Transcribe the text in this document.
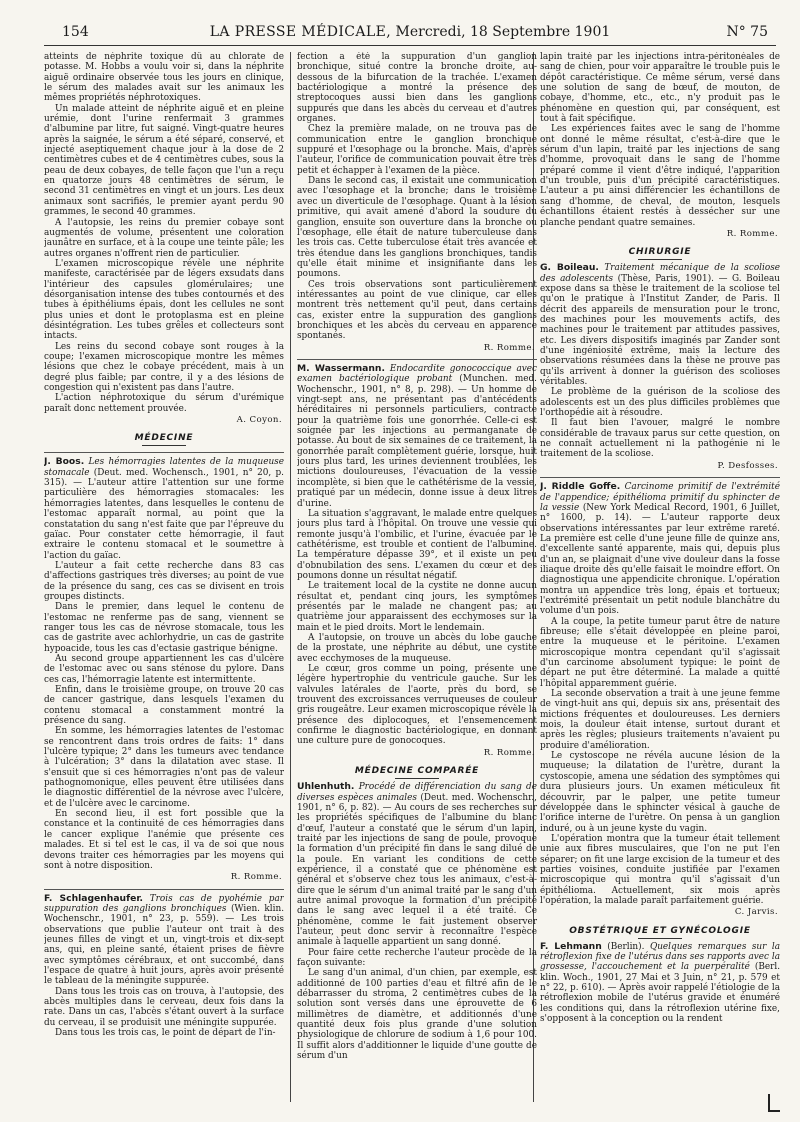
154	LA PRESSE MÉDICALE, Mercredi, 18 Septembre 1901	N° 75

atteints de néphrite toxique dû au chlorate de potasse. M. Hobbs a voulu voir si, dans la néphrite aiguë ordinaire observée tous les jours en clinique, le sérum des malades avait sur les animaux les mêmes propriétés néphrotoxiques.

Un malade atteint de néphrite aiguë et en pleine urémie, dont l'urine renfermait 3 grammes d'albumine par litre, fut saigné. Vingt-quatre heures après la saignée, le sérum a été séparé, conservé, et injecté aseptiquement chaque jour à la dose de 2 centimètres cubes et de 4 centimètres cubes, sous la peau de deux cobayes, de telle façon que l'un a reçu en quatorze jours 48 centimètres de sérum, le second 31 centimètres en vingt et un jours. Les deux animaux sont sacrifiés, le premier ayant perdu 90 grammes, le second 40 grammes.

A l'autopsie, les reins du premier cobaye sont augmentés de volume, présentent une coloration jaunâtre en surface, et à la coupe une teinte pâle; les autres organes n'offrent rien de particulier.

L'examen microscopique révèle une néphrite manifeste, caractérisée par de légers exsudats dans l'intérieur des capsules glomérulaires; une désorganisation intense des tubes contournés et des tubes à épithéliums épais, dont les cellules ne sont plus unies et dont le protoplasma est en pleine désintégration. Les tubes grêles et collecteurs sont intacts.

Les reins du second cobaye sont rouges à la coupe; l'examen microscopique montre les mêmes lésions que chez le cobaye précédent, mais à un degré plus faible; par contre, il y a des lésions de congestion qui n'existent pas dans l'autre.

L'action néphrotoxique du sérum d'urémique paraît donc nettement prouvée.

A. Coyon.
MÉDECINE

J. Boos. Les hémorragies latentes de la muqueuse stomacale (Deut. med. Wochensch., 1901, n° 20, p. 315). — L'auteur attire l'attention sur une forme particulière des hémorragies stomacales: les hémorragies latentes, dans lesquelles le contenu de l'estomac apparaît normal, au point que la constatation du sang n'est faite que par l'épreuve du gaïac. Pour constater cette hémorragie, il faut extraire le contenu stomacal et le soumettre à l'action du gaïac.

L'auteur a fait cette recherche dans 83 cas d'affections gastriques très diverses; au point de vue de la présence du sang, ces cas se divisent en trois groupes distincts.

Dans le premier, dans lequel le contenu de l'estomac ne renferme pas de sang, viennent se ranger tous les cas de névrose stomacale, tous les cas de gastrite avec achlorhydrie, un cas de gastrite hypoacide, tous les cas d'ectasie gastrique bénigne.

Au second groupe appartiennent les cas d'ulcère de l'estomac avec ou sans sténose du pylore. Dans ces cas, l'hémorragie latente est intermittente.

Enfin, dans le troisième groupe, on trouve 20 cas de cancer gastrique, dans lesquels l'examen du contenu stomacal a constamment montré la présence du sang.

En somme, les hémorragies latentes de l'estomac se rencontrent dans trois ordres de faits: 1° dans l'ulcère typique; 2° dans les tumeurs avec tendance à l'ulcération; 3° dans la dilatation avec stase. Il s'ensuit que si ces hémorragies n'ont pas de valeur pathognomonique, elles peuvent être utilisées dans le diagnostic différentiel de la névrose avec l'ulcère, et de l'ulcère avec le carcinome.

En second lieu, il est fort possible que la constance et la continuité de ces hémorragies dans le cancer explique l'anémie que présente ces malades. Et si tel est le cas, il va de soi que nous devons traiter ces hémorragies par les moyens qui sont à notre disposition.

R. Romme.

F. Schlagenhaufer. Trois cas de pyohémie par suppuration des ganglions bronchiques (Wien. klin. Wochenschr., 1901, n° 23, p. 559). — Les trois observations que publie l'auteur ont trait à des jeunes filles de vingt et un, vingt-trois et dix-sept ans, qui, en pleine santé, étaient prises de fièvre avec symptômes cérébraux, et ont succombé, dans l'espace de quatre à huit jours, après avoir présenté le tableau de la méningite suppurée.

Dans tous les trois cas on trouva, à l'autopsie, des abcès multiples dans le cerveau, deux fois dans la rate. Dans un cas, l'abcès s'étant ouvert à la surface du cerveau, il se produisit une méningite suppurée.

Dans tous les trois cas, le point de départ de l'in-

fection a été la suppuration d'un ganglion bronchique, situé contre la bronche droite, au-dessous de la bifurcation de la trachée. L'examen bactériologique a montré la présence des streptocoques aussi bien dans les ganglions suppurés que dans les abcès du cerveau et d'autres organes.

Chez la première malade, on ne trouva pas de communication entre le ganglion bronchique suppuré et l'œsophage ou la bronche. Mais, d'après l'auteur, l'orifice de communication pouvait être très petit et échapper à l'examen de la pièce.

Dans le second cas, il existait une communication avec l'œsophage et la bronche; dans le troisième avec un diverticule de l'œsophage. Quant à la lésion primitive, qui avait amené d'abord la soudure du ganglion, ensuite son ouverture dans la bronche ou l'œsophage, elle était de nature tuberculeuse dans les trois cas. Cette tuberculose était très avancée et très étendue dans les ganglions bronchiques, tandis qu'elle était minime et insignifiante dans les poumons.

Ces trois observations sont particulièrement intéressantes au point de vue clinique, car elles montrent très nettement qu'il peut, dans certains cas, exister entre la suppuration des ganglions bronchiques et les abcès du cerveau en apparence spontanés.

R. Romme.

M. Wassermann. Endocardite gonococcique avec examen bactériologique probant (Munchen. med. Wochenschr., 1901, n° 8, p. 298). — Un homme de vingt-sept ans, ne présentant pas d'antécédents héréditaires ni personnels particuliers, contracte pour la quatrième fois une gonorrhée. Celle-ci est soignée par les injections au permanganate de potasse. Au bout de six semaines de ce traitement, la gonorrhée paraît complètement guérie, lorsque, huit jours plus tard, les urines deviennent troublées, les mictions douloureuses, l'évacuation de la vessie incomplète, si bien que le cathétérisme de la vessie, pratiqué par un médecin, donne issue à deux litres d'urine.

La situation s'aggravant, le malade entre quelques jours plus tard à l'hôpital. On trouve une vessie qui remonte jusqu'à l'ombilic, et l'urine, évacuée par le cathétérisme, est trouble et contient de l'albumine. La température dépasse 39°, et il existe un peu d'obnubilation des sens. L'examen du cœur et des poumons donne un résultat négatif.

Le traitement local de la cystite ne donne aucun résultat et, pendant cinq jours, les symptômes présentés par le malade ne changent pas; au quatrième jour apparaissent des ecchymoses sur la main et le pied droits. Mort le lendemain.

A l'autopsie, on trouve un abcès du lobe gauche de la prostate, une néphrite au début, une cystite avec ecchymoses de la muqueuse.

Le cœur, gros comme un poing, présente une légère hypertrophie du ventricule gauche. Sur les valvules latérales de l'aorte, près du bord, se trouvent des excroissances verruqueuses de couleur gris rougeâtre. Leur examen microscopique révèle la présence des diplocoques, et l'ensemencement confirme le diagnostic bactériologique, en donnant une culture pure de gonocoques.

R. Romme.
MÉDECINE COMPARÉE

Uhlenhuth. Procédé de différenciation du sang de diverses espèces animales (Deut. med. Wochenschr., 1901, n° 6, p. 82). — Au cours de ses recherches sur les propriétés spécifiques de l'albumine du blanc d'œuf, l'auteur a constaté que le sérum d'un lapin, traité par les injections de sang de poule, provoque la formation d'un précipité fin dans le sang dilué de la poule. En variant les conditions de cette expérience, il a constaté que ce phénomène est général et s'observe chez tous les animaux, c'est-à-dire que le sérum d'un animal traité par le sang d'un autre animal provoque la formation d'un précipité dans le sang avec lequel il a été traité. Ce phénomène, comme le fait justement observer l'auteur, peut donc servir à reconnaître l'espèce animale à laquelle appartient un sang donné.

Pour faire cette recherche l'auteur procède de la façon suivante:

Le sang d'un animal, d'un chien, par exemple, est additionné de 100 parties d'eau et filtré afin de le débarrasser du stroma, 2 centimètres cubes de la solution sont versés dans une éprouvette de 6 millimètres de diamètre, et additionnés d'une quantité deux fois plus grande d'une solution physiologique de chlorure de sodium à 1,6 pour 100. Il suffit alors d'additionner le liquide d'une goutte de sérum d'un

lapin traité par les injections intra-péritonéales de sang de chien, pour voir apparaître le trouble puis le dépôt caractéristique. Ce même sérum, versé dans une solution de sang de bœuf, de mouton, de cobaye, d'homme, etc., etc., n'y produit pas le phénomène en question qui, par conséquent, est tout à fait spécifique.

Les expériences faites avec le sang de l'homme ont donné le même résultat, c'est-à-dire que le sérum d'un lapin, traité par les injections de sang d'homme, provoquait dans le sang de l'homme préparé comme il vient d'être indiqué, l'apparition d'un trouble, puis d'un précipité caractéristiques. L'auteur a pu ainsi différencier les échantillons de sang d'homme, de cheval, de mouton, lesquels échantillons étaient restés à dessécher sur une planche pendant quatre semaines.

R. Romme.
CHIRURGIE

G. Boileau. Traitement mécanique de la scoliose des adolescents (Thèse, Paris, 1901). — G. Boileau expose dans sa thèse le traitement de la scoliose tel qu'on le pratique à l'Institut Zander, de Paris. Il décrit des appareils de mensuration pour le tronc, des machines pour les mouvements actifs, des machines pour le traitement par attitudes passives, etc. Les divers dispositifs imaginés par Zander sont d'une ingéniosité extrême, mais la lecture des observations résumées dans la thèse ne prouve pas qu'ils arrivent à donner la guérison des scolioses véritables.

Le problème de la guérison de la scoliose des adolescents est un des plus difficiles problèmes que l'orthopédie ait à résoudre.

Il faut bien l'avouer, malgré le nombre considérable de travaux parus sur cette question, on ne connaît actuellement ni la pathogénie ni le traitement de la scoliose.

P. Desfosses.

J. Riddle Goffe. Carcinome primitif de l'extrémité de l'appendice; épithélioma primitif du sphincter de la vessie (New York Medical Record, 1901, 6 Juillet, n° 1600, p. 14). — L'auteur rapporte deux observations intéressantes par leur extrême rareté. La première est celle d'une jeune fille de quinze ans, d'excellente santé apparente, mais qui, depuis plus d'un an, se plaignait d'une vive douleur dans la fosse iliaque droite dès qu'elle faisait le moindre effort. On diagnostiqua une appendicite chronique. L'opération montra un appendice très long, épais et tortueux; l'extrémité présentait un petit nodule blanchâtre du volume d'un pois.

A la coupe, la petite tumeur parut être de nature fibreuse; elle s'était développée en pleine paroi, entre la muqueuse et le péritoine. L'examen microscopique montra cependant qu'il s'agissait d'un carcinome absolument typique: le point de départ ne put être déterminé. La malade a quitté l'hôpital apparemment guérie.

La seconde observation a trait à une jeune femme de vingt-huit ans qui, depuis six ans, présentait des mictions fréquentes et douloureuses. Les derniers mois, la douleur était intense, surtout durant et après les règles; plusieurs traitements n'avaient pu produire d'amélioration.

Le cystoscope ne révéla aucune lésion de la muqueuse; la dilatation de l'urètre, durant la cystoscopie, amena une sédation des symptômes qui dura plusieurs jours. Un examen méticuleux fit découvrir, par le palper, une petite tumeur développée dans le sphincter vésical à gauche de l'orifice interne de l'urètre. On pensa à un ganglion induré, ou à un jeune kyste du vagin.

L'opération montra que la tumeur était tellement unie aux fibres musculaires, que l'on ne put l'en séparer; on fit une large excision de la tumeur et des parties voisines, conduite justifiée par l'examen microscopique qui montra qu'il s'agissait d'un épithélioma. Actuellement, six mois après l'opération, la malade paraît parfaitement guérie.

C. Jarvis.
OBSTÉTRIQUE ET GYNÉCOLOGIE

F. Lehmann (Berlin). Quelques remarques sur la rétroflexion fixe de l'utérus dans ses rapports avec la grossesse, l'accouchement et la puerpéralité (Berl. klin. Woch., 1901, 27 Mai et 3 Juin, n° 21, p. 579 et n° 22, p. 610). — Après avoir rappelé l'étiologie de la rétroflexion mobile de l'utérus gravide et énuméré les conditions qui, dans la rétroflexion utérine fixe, s'opposent à la conception ou la rendent
